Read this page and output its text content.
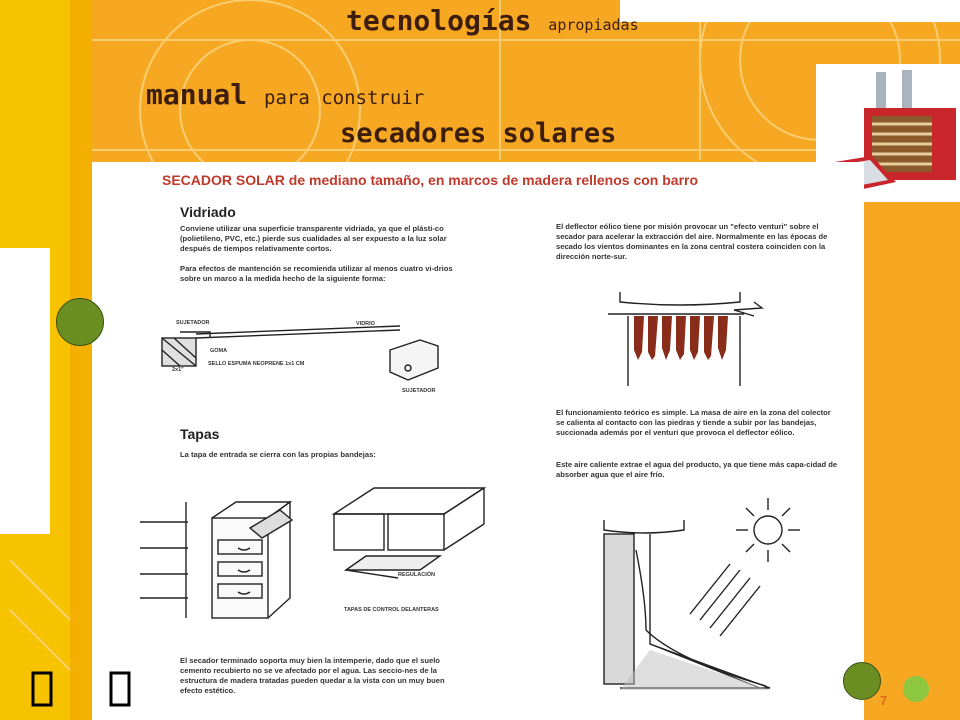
tecnologías apropiadas
manual para construir
secadores solares
SECADOR SOLAR de mediano tamaño, en marcos de madera rellenos con barro
Vidriado
Conviene utilizar una superficie transparente vidriada, ya que el plásti-co (polietileno, PVC, etc.) pierde sus cualidades al ser expuesto a la luz solar después de tiempos relativamente cortos.
Para efectos de mantención se recomienda utilizar al menos cuatro vi-drios sobre un marco a la medida hecho de la siguiente forma:
SUJETADOR	VIDRIO
GOMA
2x1"
SELLO ESPUMA NEOPRENE 1x1 CM
SUJETADOR
Tapas
La tapa de entrada se cierra con las propias bandejas:
REGULACIÓN
TAPAS DE CONTROL DELANTERAS
El secador terminado soporta muy bien la intemperie, dado que el suelo cemento recubierto no se ve afectado por el agua. Las seccio-nes de la estructura de madera tratadas pueden quedar a la vista con un muy buen efecto estético.
El deflector eólico tiene por misión provocar un "efecto venturi" sobre el secador para acelerar la extracción del aire. Normalmente en las épocas de secado los vientos dominantes en la zona central costera coinciden con la dirección norte-sur.
El funcionamiento teórico es simple. La masa de aire en la zona del colector se calienta al contacto con las piedras y tiende a subir por las bandejas, succionada además por el venturi que provoca el deflector eólico.
Este aire caliente extrae el agua del producto, ya que tiene más capa-cidad de absorber agua que el aire frío.
7
